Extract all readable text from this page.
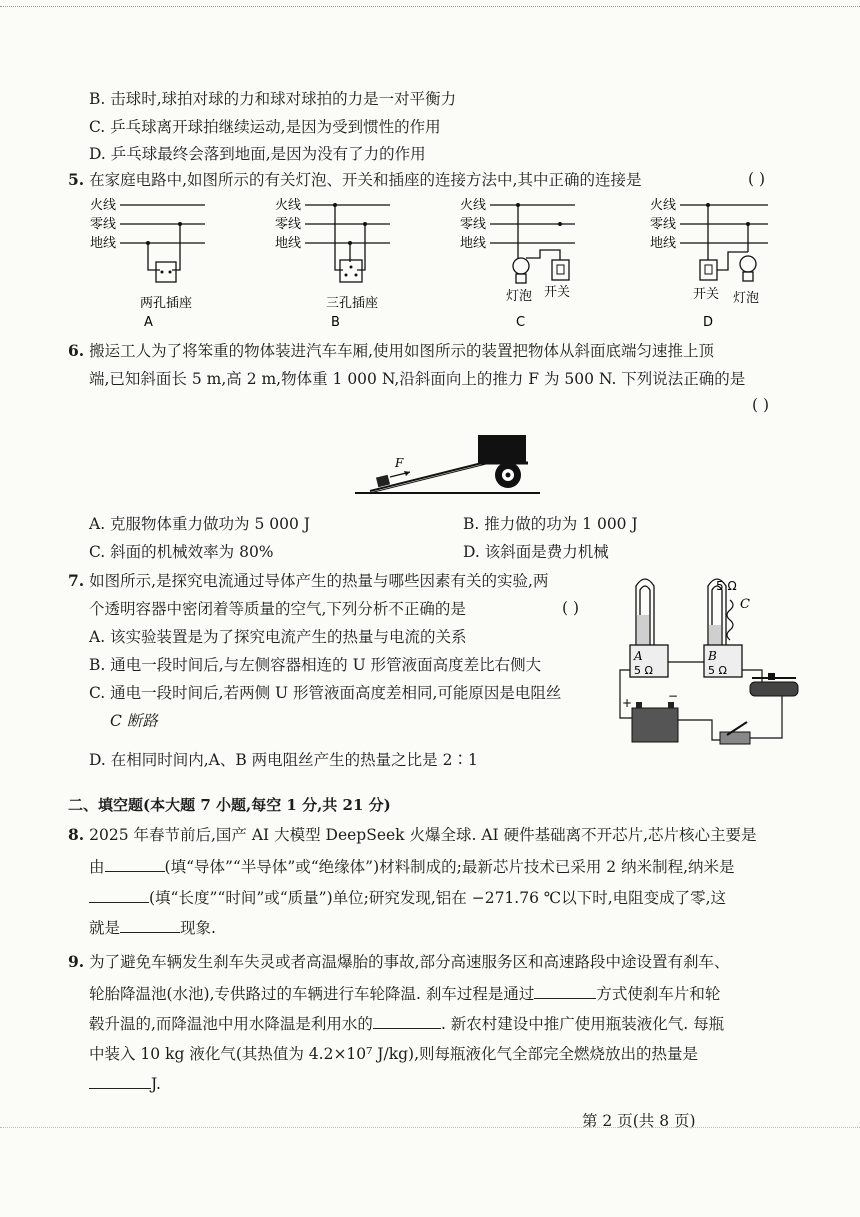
B. 击球时,球拍对球的力和球对球拍的力是一对平衡力
C. 乒乓球离开球拍继续运动,是因为受到惯性的作用
D. 乒乓球最终会落到地面,是因为没有了力的作用
5. 在家庭电路中,如图所示的有关灯泡、开关和插座的连接方法中,其中正确的连接是	( )
火线
零线
地线
两孔插座
A
火线
零线
地线
三孔插座
B
火线
零线
地线
灯泡 开关
C
火线
零线
地线
开关 灯泡
D
6. 搬运工人为了将笨重的物体装进汽车车厢,使用如图所示的装置把物体从斜面底端匀速推上顶
端,已知斜面长 5 m,高 2 m,物体重 1 000 N,沿斜面向上的推力 F 为 500 N. 下列说法正确的是
( )
F
A. 克服物体重力做功为 5 000 J	B. 推力做的功为 1 000 J
C. 斜面的机械效率为 80%	D. 该斜面是费力机械
7. 如图所示,是探究电流通过导体产生的热量与哪些因素有关的实验,两
个透明容器中密闭着等质量的空气,下列分析不正确的是	( )
A. 该实验装置是为了探究电流产生的热量与电流的关系
B. 通电一段时间后,与左侧容器相连的 U 形管液面高度差比右侧大
C. 通电一段时间后,若两侧 U 形管液面高度差相同,可能原因是电阻丝
C 断路
D. 在相同时间内,A、B 两电阻丝产生的热量之比是 2∶1
A	B
5 Ω	5 Ω
5 Ω
C
+	−
二、填空题(本大题 7 小题,每空 1 分,共 21 分)
8. 2025 年春节前后,国产 AI 大模型 DeepSeek 火爆全球. AI 硬件基础离不开芯片,芯片核心主要是
由	(填“导体”“半导体”或“绝缘体”)材料制成的;最新芯片技术已采用 2 纳米制程,纳米是
(填“长度”“时间”或“质量”)单位;研究发现,铝在 −271.76 ℃以下时,电阻变成了零,这
就是	现象.
9. 为了避免车辆发生刹车失灵或者高温爆胎的事故,部分高速服务区和高速路段中途设置有刹车、
轮胎降温池(水池),专供路过的车辆进行车轮降温. 刹车过程是通过	方式使刹车片和轮
毂升温的,而降温池中用水降温是利用水的	. 新农村建设中推广使用瓶装液化气. 每瓶
中装入 10 kg 液化气(其热值为 4.2×10⁷ J/kg),则每瓶液化气全部完全燃烧放出的热量是
J.
第 2 页(共 8 页)
